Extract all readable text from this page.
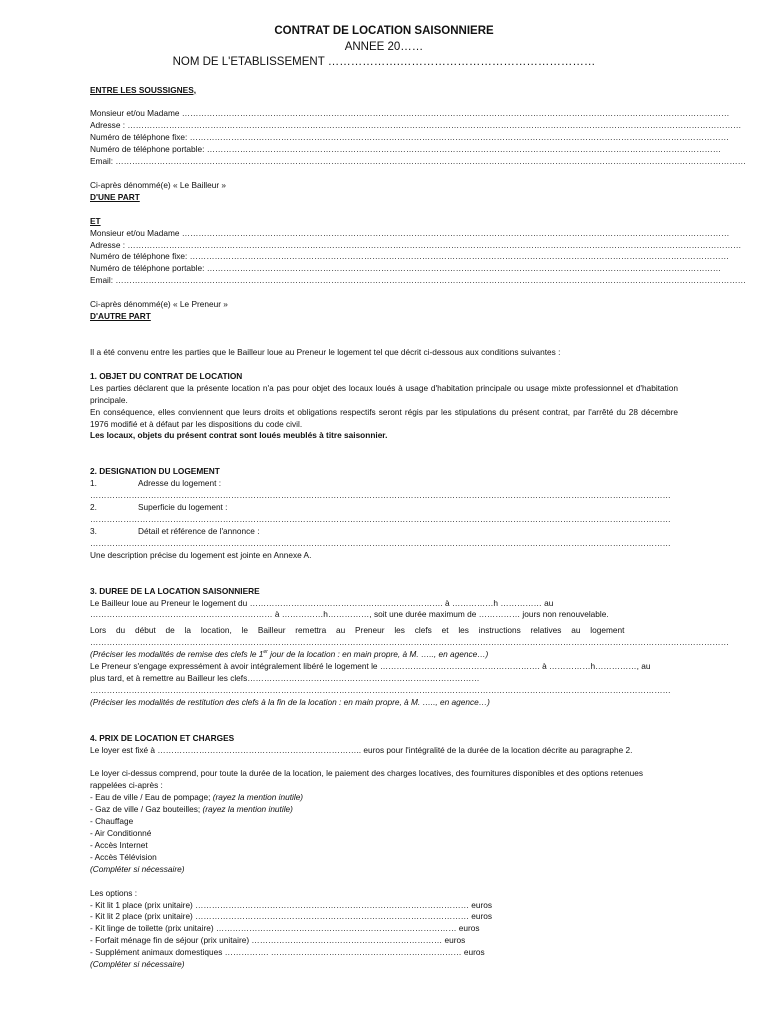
CONTRAT DE LOCATION SAISONNIERE
ANNEE 20……
NOM DE L'ETABLISSEMENT ……………….……………………………………………
ENTRE LES SOUSSIGNES,
Monsieur et/ou Madame ………………………………………………………………………………………………………………………………………………………………………………
Adresse : ……………………………………………………………………………………………………………………………………………………………………………………………………
Numéro de téléphone fixe: ……………………………………………………………………………………………………………………………………………………………………………
Numéro de téléphone portable: ……………………………………………………………………………………………………………………………………………………………………
Email: …………………………………………………………………………………………………………………………………………………………………………………………………………
Ci-après dénommé(e) « Le Bailleur »
D'UNE PART
ET
Monsieur et/ou Madame ………………………………………………………………………………………………………………………………………………………………………………
Adresse : ……………………………………………………………………………………………………………………………………………………………………………………………………
Numéro de téléphone fixe: ……………………………………………………………………………………………………………………………………………………………………………
Numéro de téléphone portable: ……………………………………………………………………………………………………………………………………………………………………
Email: …………………………………………………………………………………………………………………………………………………………………………………………………………
Ci-après dénommé(e) « Le Preneur »
D'AUTRE PART
Il a été convenu entre les parties que le Bailleur loue au Preneur le logement tel que décrit ci-dessous aux conditions suivantes :
1. OBJET DU CONTRAT DE LOCATION
Les parties déclarent que la présente location n'a pas pour objet des locaux loués à usage d'habitation principale ou usage mixte professionnel et d'habitation principale.
En conséquence, elles conviennent que leurs droits et obligations respectifs seront régis par les stipulations du présent contrat, par l'arrêté du 28 décembre 1976 modifié et à défaut par les dispositions du code civil.
Les locaux, objets du présent contrat sont loués meublés à titre saisonnier.
2. DESIGNATION DU LOGEMENT
1.	Adresse du logement :
…………………………………………………………………………………………………………………………………………………………………………………………
2.	Superficie du logement :
…………………………………………………………………………………………………………………………………………………………………………………………
3.	Détail et référence de l'annonce :
…………………………………………………………………………………………………………………………………………………………………………………………
Une description précise du logement est jointe en Annexe A.
3. DUREE DE LA LOCATION SAISONNIERE
Le Bailleur loue au Preneur le logement du ……………………………………………………………. à ……………h …………… au
………………………………………………………… à ……………h……………, soit une durée maximum de …………… jours non renouvelable.
Lors du début de la location, le Bailleur remettra au Preneur les clefs et les instructions relatives au logement
……………………………………………………………………………………………………………………………………………………………………………………………………………
(Préciser les modalités de remise des clefs le 1er jour de la location : en main propre, à M. ….., en agence…)
Le Preneur s'engage expressément à avoir intégralement libéré le logement le …………………………………………………. à ……………h……………, au
plus tard, et à remettre au Bailleur les clefs…………………………………………………………………………
…………………………………………………………………………………………………………………………………………………………………………………………
(Préciser les modalités de restitution des clefs à la fin de la location : en main propre, à M. ….., en agence…)
4. PRIX DE LOCATION ET CHARGES
Le loyer est fixé à ……………………………………………………………….. euros pour l'intégralité de la durée de la location décrite au paragraphe 2.
Le loyer ci-dessus comprend, pour toute la durée de la location, le paiement des charges locatives, des fournitures disponibles et des options retenues rappelées ci-après :
- Eau de ville / Eau de pompage; (rayez la mention inutile)
- Gaz de ville / Gaz bouteilles; (rayez la mention inutile)
- Chauffage
- Air Conditionné
- Accès Internet
- Accès Télévision
(Compléter si nécessaire)
Les options :
- Kit lit 1 place (prix unitaire) ……………………………………………………………………………………… euros
- Kit lit 2 place (prix unitaire) ……………………………………………………………………………………… euros
- Kit linge de toilette (prix unitaire) …………………………………………………………………………… euros
- Forfait ménage fin de séjour (prix unitaire) …………………………………………………………… euros
- Supplément animaux domestiques ……………. …………………………………………………………… euros
(Compléter si nécessaire)
